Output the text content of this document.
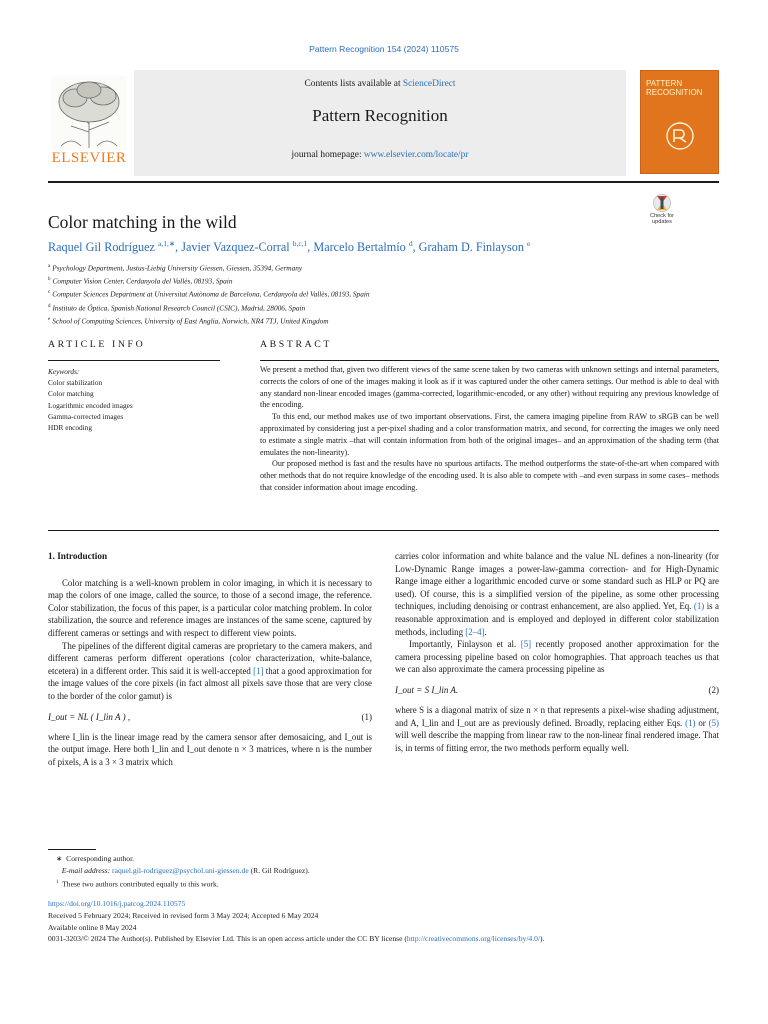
Pattern Recognition 154 (2024) 110575
ELSEVIER
Contents lists available at ScienceDirect
Pattern Recognition
journal homepage: www.elsevier.com/locate/pr
PATTERN RECOGNITION
Color matching in the wild	Check for updates
Raquel Gil Rodríguez $^{a,1,∗}$, Javier Vazquez-Corral $^{b,c,1}$, Marcelo Bertalmío $^d$, Graham D. Finlayson $^e$
$^a$ Psychology Department, Justus-Liebig University Giessen, Giessen, 35394, Germany
$^b$ Computer Vision Center, Cerdanyola del Vallès, 08193, Spain
$^c$ Computer Sciences Department at Universitat Autònoma de Barcelona, Cerdanyola del Vallès, 08193, Spain
$^d$ Instituto de Óptica, Spanish National Research Council (CSIC), Madrid, 28006, Spain
$^e$ School of Computing Sciences, University of East Anglia, Norwich, NR4 7TJ, United Kingdom
ARTICLE INFO	ABSTRACT
Keywords:
Color stabilization
Color matching
Logarithmic encoded images
Gamma-corrected images
HDR encoding

We present a method that, given two different views of the same scene taken by two cameras with unknown settings and internal parameters, corrects the colors of one of the images making it look as if it was captured under the other camera settings. Our method is able to deal with any standard non-linear encoded images (gamma-corrected, logarithmic-encoded, or any other) without requiring any previous knowledge of the encoding.

To this end, our method makes use of two important observations. First, the camera imaging pipeline from RAW to sRGB can be well approximated by considering just a per-pixel shading and a color transformation matrix, and second, for correcting the images we only need to estimate a single matrix –that will contain information from both of the original images– and an approximation of the shading term (that emulates the non-linearity).

Our proposed method is fast and the results have no spurious artifacts. The method outperforms the state-of-the-art when compared with other methods that do not require knowledge of the encoding used. It is also able to compete with –and even surpass in some cases– methods that consider information about image encoding.

1. Introduction

Color matching is a well-known problem in color imaging, in which it is necessary to map the colors of one image, called the source, to those of a second image, the reference. Color stabilization, the focus of this paper, is a particular color matching problem. In color stabilization, the source and reference images are instances of the same scene, captured by different cameras or settings and with respect to different view points.

The pipelines of the different digital cameras are proprietary to the camera makers, and different cameras perform different operations (color characterization, white-balance, etcetera) in a different order. This said it is well-accepted [1] that a good approximation for the image values of the core pixels (in fact almost all pixels save those that are very close to the border of the color gamut) is

I_out = NL ( I_lin A ) ,	(1)

where I_lin is the linear image read by the camera sensor after demosaicing, and I_out is the output image. Here both I_lin and I_out denote n × 3 matrices, where n is the number of pixels, A is a 3 × 3 matrix which

carries color information and white balance and the value NL defines a non-linearity (for Low-Dynamic Range images a power-law-gamma correction- and for High-Dynamic Range image either a logarithmic encoded curve or some standard such as HLP or PQ are used). Of course, this is a simplified version of the pipeline, as some other processing techniques, including denoising or contrast enhancement, are also applied. Yet, Eq. (1) is a reasonable approximation and is employed and deployed in different color stabilization methods, including [2–4].

Importantly, Finlayson et al. [5] recently proposed another approximation for the camera processing pipeline based on color homographies. That approach teaches us that we can also approximate the camera processing pipeline as

I_out = S I_lin A.	(2)

where S is a diagonal matrix of size n × n that represents a pixel-wise shading adjustment, and A, I_lin and I_out are as previously defined. Broadly, replacing either Eqs. (1) or (5) will well describe the mapping from linear raw to the non-linear final rendered image. That is, in terms of fitting error, the two methods perform equally well.

∗  Corresponding author.
E-mail address: raquel.gil-rodriguez@psychol.uni-giessen.de (R. Gil Rodríguez).
$^1$ These two authors contributed equally to this work.
https://doi.org/10.1016/j.patcog.2024.110575
Received 5 February 2024; Received in revised form 3 May 2024; Accepted 6 May 2024
Available online 8 May 2024
0031-3203/© 2024 The Author(s). Published by Elsevier Ltd. This is an open access article under the CC BY license (http://creativecommons.org/licenses/by/4.0/).
